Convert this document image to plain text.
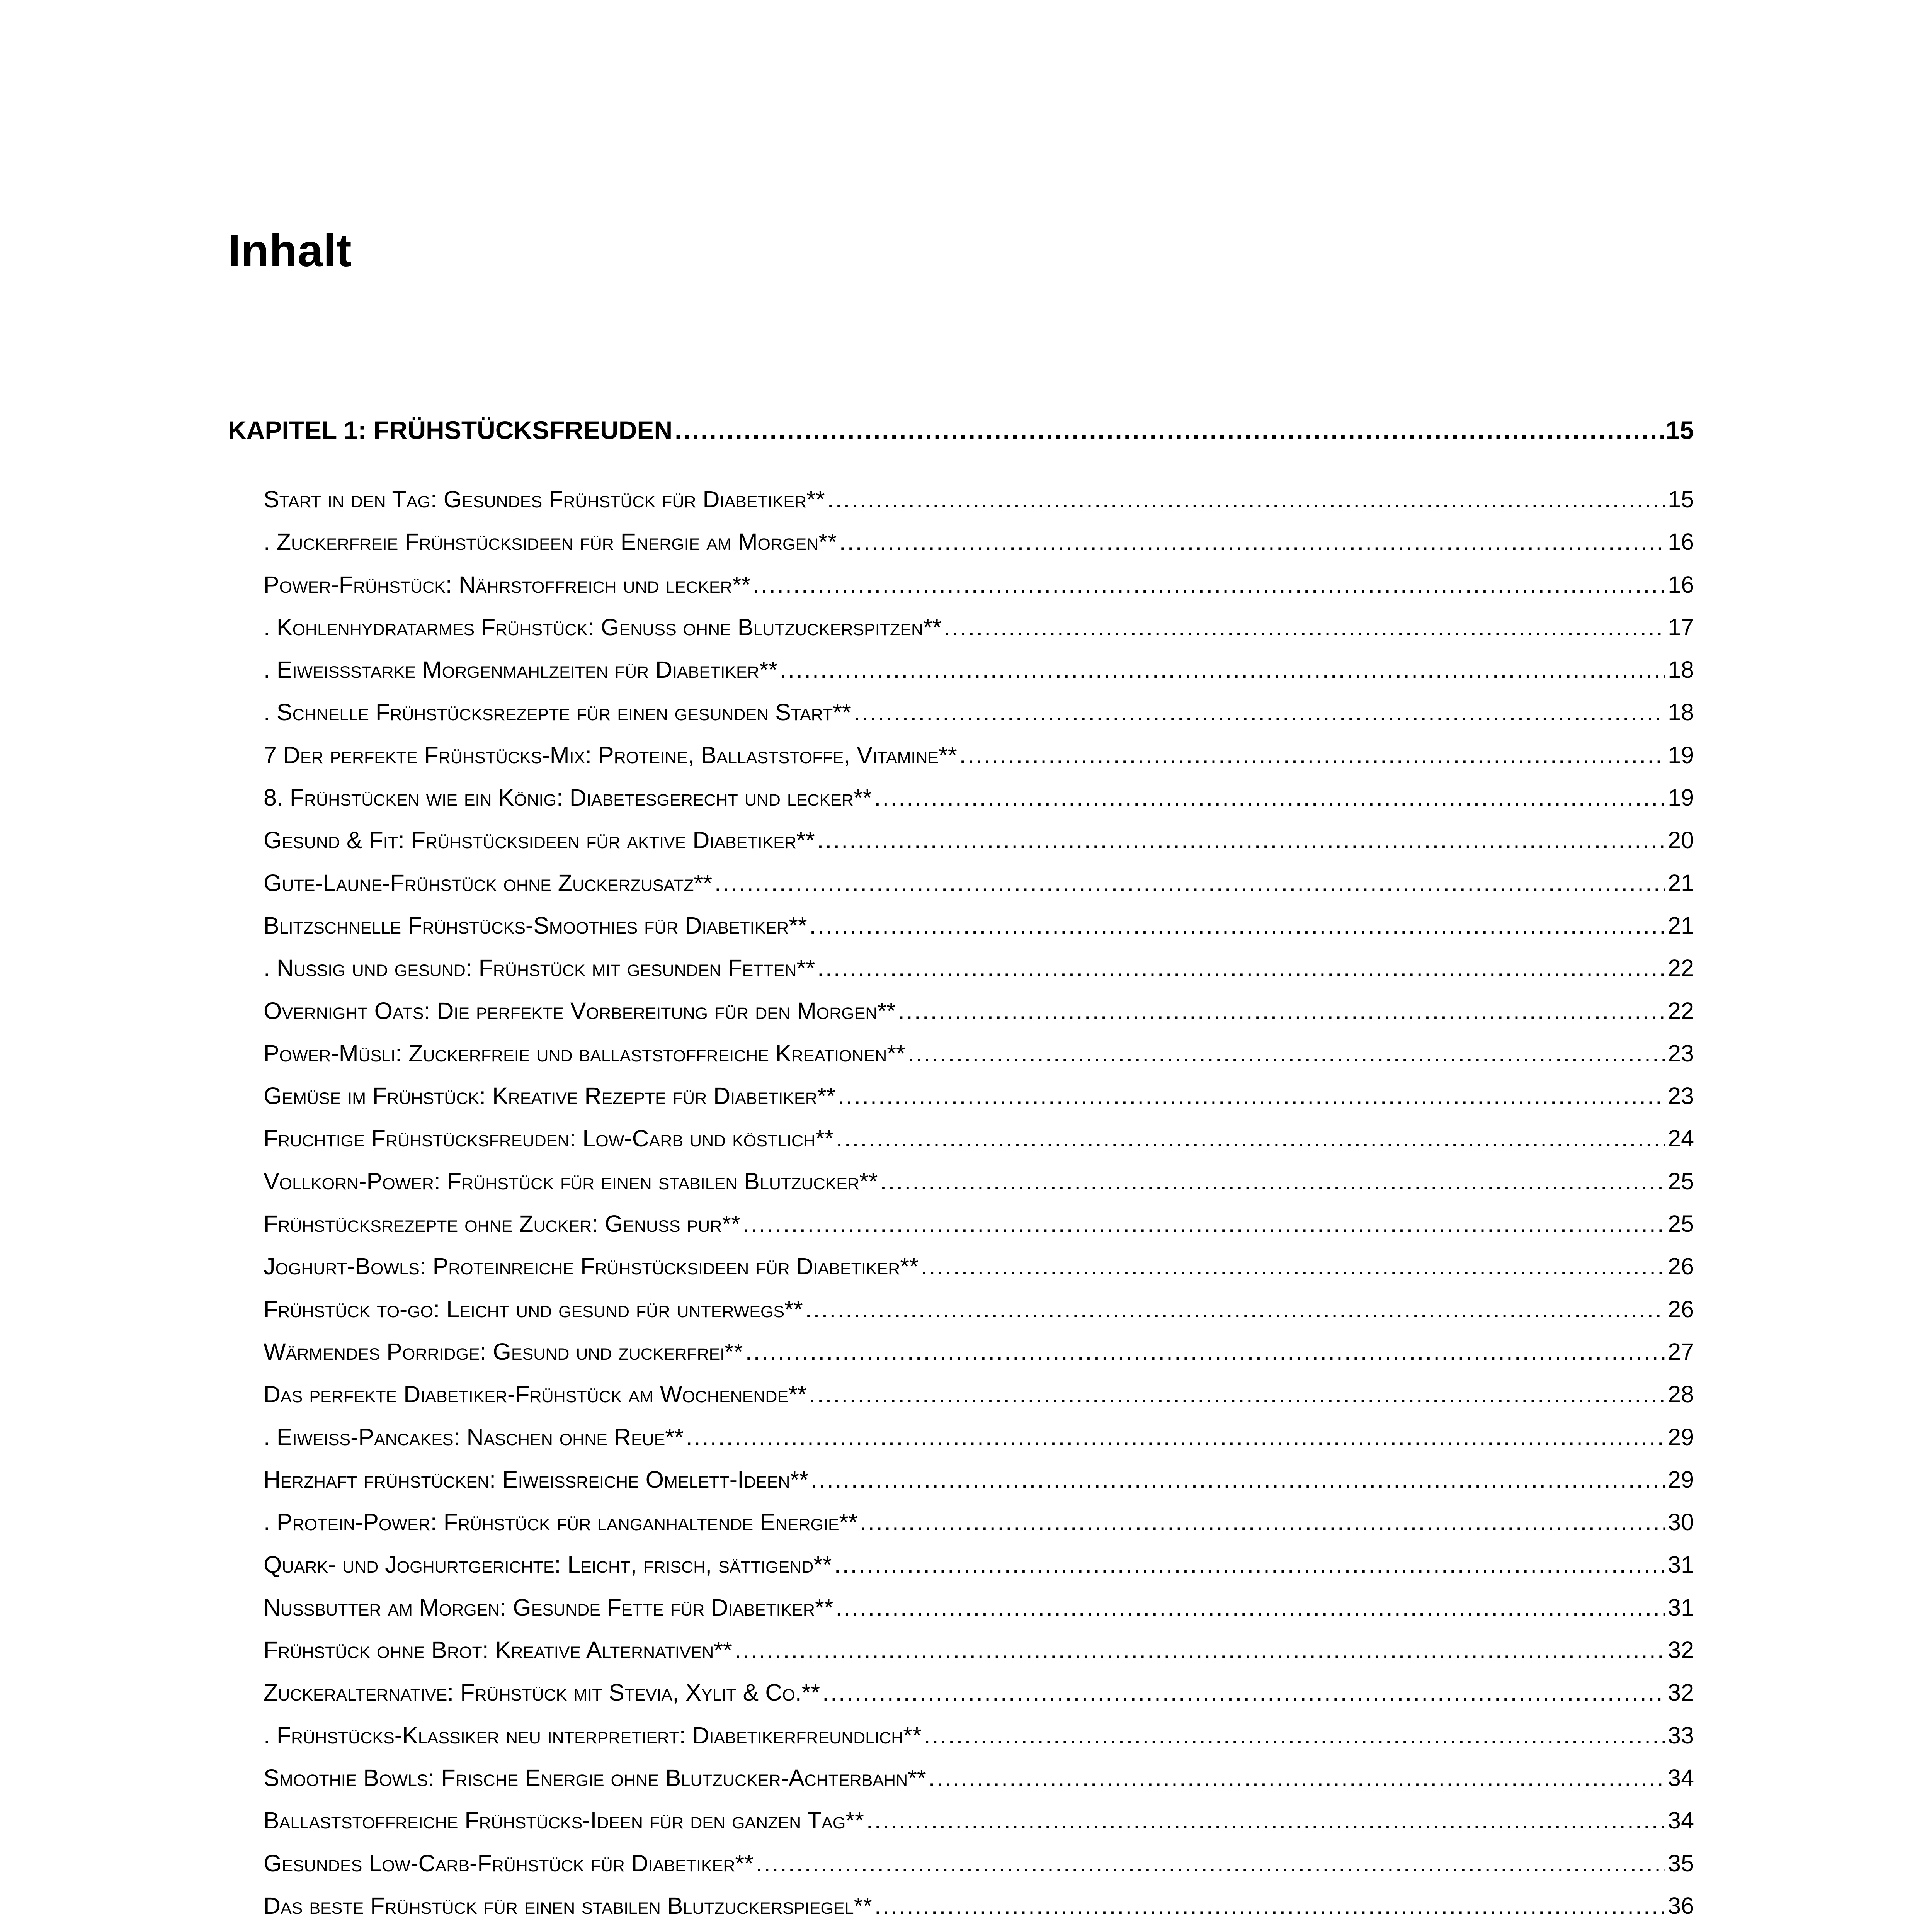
Inhalt
KAPITEL 1: FRÜHSTÜCKSFREUDEN .....	15
Start in den Tag: Gesundes Frühstück für Diabetiker** .....	15
. Zuckerfreie Frühstücksideen für Energie am Morgen** .....	16
Power-Frühstück: Nährstoffreich und lecker** .....	16
. Kohlenhydratarmes Frühstück: Genuss ohne Blutzuckerspitzen** .....	17
. Eiweißstarke Morgenmahlzeiten für Diabetiker** .....	18
. Schnelle Frühstücksrezepte für einen gesunden Start** .....	18
7 Der perfekte Frühstücks-Mix: Proteine, Ballaststoffe, Vitamine** .....	19
8. Frühstücken wie ein König: Diabetesgerecht und lecker** .....	19
Gesund & Fit: Frühstücksideen für aktive Diabetiker** .....	20
Gute-Laune-Frühstück ohne Zuckerzusatz** .....	21
Blitzschnelle Frühstücks-Smoothies für Diabetiker** .....	21
. Nussig und gesund: Frühstück mit gesunden Fetten** .....	22
Overnight Oats: Die perfekte Vorbereitung für den Morgen** .....	22
Power-Müsli: Zuckerfreie und ballaststoffreiche Kreationen** .....	23
Gemüse im Frühstück: Kreative Rezepte für Diabetiker** .....	23
Fruchtige Frühstücksfreuden: Low-Carb und köstlich** .....	24
Vollkorn-Power: Frühstück für einen stabilen Blutzucker** .....	25
Frühstücksrezepte ohne Zucker: Genuss pur** .....	25
Joghurt-Bowls: Proteinreiche Frühstücksideen für Diabetiker** .....	26
Frühstück to-go: Leicht und gesund für unterwegs** .....	26
Wärmendes Porridge: Gesund und zuckerfrei** .....	27
Das perfekte Diabetiker-Frühstück am Wochenende** .....	28
. Eiweiß-Pancakes: Naschen ohne Reue** .....	29
Herzhaft frühstücken: Eiweißreiche Omelett-Ideen** .....	29
. Protein-Power: Frühstück für langanhaltende Energie** .....	30
Quark- und Joghurtgerichte: Leicht, frisch, sättigend** .....	31
Nussbutter am Morgen: Gesunde Fette für Diabetiker** .....	31
Frühstück ohne Brot: Kreative Alternativen** .....	32
Zuckeralternative: Frühstück mit Stevia, Xylit & Co.** .....	32
. Frühstücks-Klassiker neu interpretiert: Diabetikerfreundlich** .....	33
Smoothie Bowls: Frische Energie ohne Blutzucker-Achterbahn** .....	34
Ballaststoffreiche Frühstücks-Ideen für den ganzen Tag** .....	34
Gesundes Low-Carb-Frühstück für Diabetiker** .....	35
Das beste Frühstück für einen stabilen Blutzuckerspiegel** .....	36
